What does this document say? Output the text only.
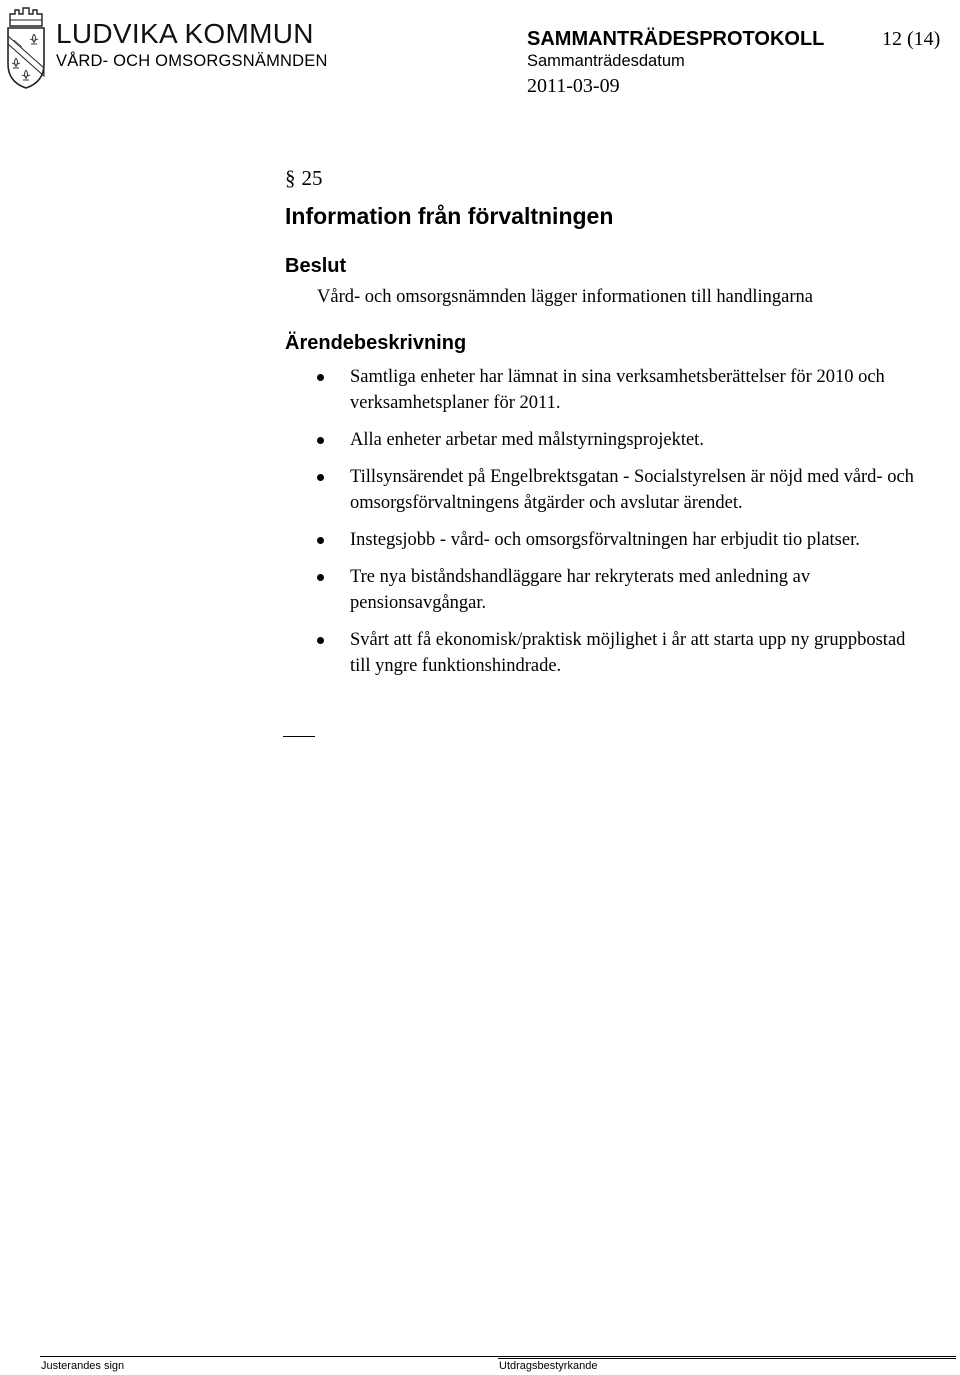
LUDVIKA KOMMUN
VÅRD- OCH OMSORGSNÄMNDEN
SAMMANTRÄDESPROTOKOLL	12 (14)
Sammanträdesdatum
2011-03-09
§ 25
Information från förvaltningen
Beslut
Vård- och omsorgsnämnden lägger informationen till handlingarna
Ärendebeskrivning
Samtliga enheter har lämnat in sina verksamhetsberättelser för 2010 och verksamhetsplaner för 2011.
Alla enheter arbetar med målstyrningsprojektet.
Tillsynsärendet på Engelbrektsgatan - Socialstyrelsen är nöjd med vård- och omsorgsförvaltningens åtgärder och avslutar ärendet.
Instegsjobb - vård- och omsorgsförvaltningen har erbjudit tio platser.
Tre nya biståndshandläggare har rekryterats med anledning av pensionsavgångar.
Svårt att få ekonomisk/praktisk möjlighet i år att starta upp ny gruppbostad till yngre funktionshindrade.
Justerandes sign	Utdragsbestyrkande
